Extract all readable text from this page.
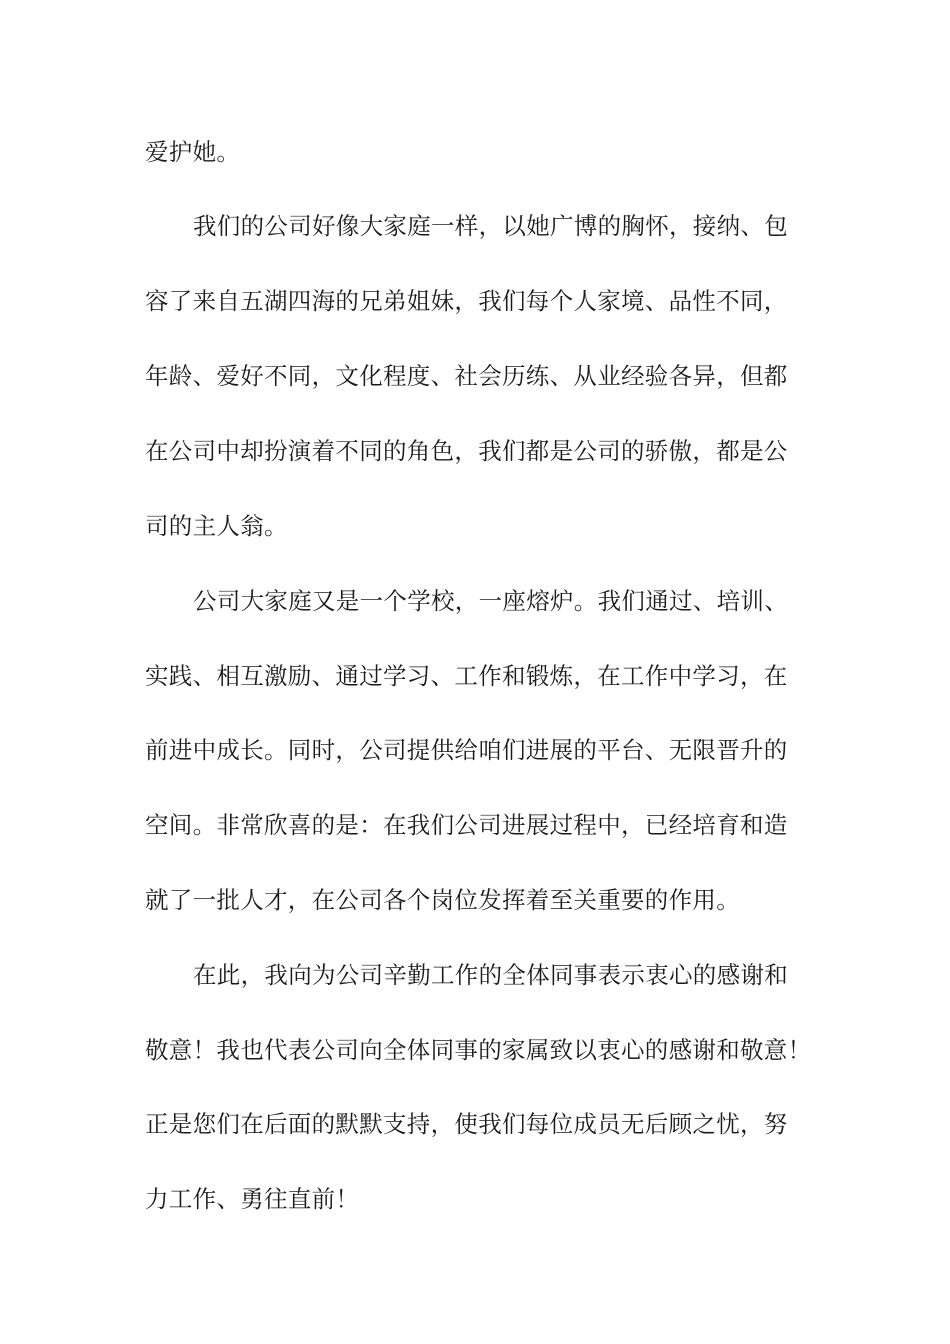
爱护她。
我们的公司好像大家庭一样，以她广博的胸怀，接纳、包
容了来自五湖四海的兄弟姐妹，我们每个人家境、品性不同，
年龄、爱好不同，文化程度、社会历练、从业经验各异，但都
在公司中却扮演着不同的角色，我们都是公司的骄傲，都是公
司的主人翁。
公司大家庭又是一个学校，一座熔炉。我们通过、培训、
实践、相互激励、通过学习、工作和锻炼，在工作中学习，在
前进中成长。同时，公司提供给咱们进展的平台、无限晋升的
空间。非常欣喜的是：在我们公司进展过程中，已经培育和造
就了一批人才，在公司各个岗位发挥着至关重要的作用。
在此，我向为公司辛勤工作的全体同事表示衷心的感谢和
敬意！我也代表公司向全体同事的家属致以衷心的感谢和敬意！
正是您们在后面的默默支持，使我们每位成员无后顾之忧，努
力工作、勇往直前！
